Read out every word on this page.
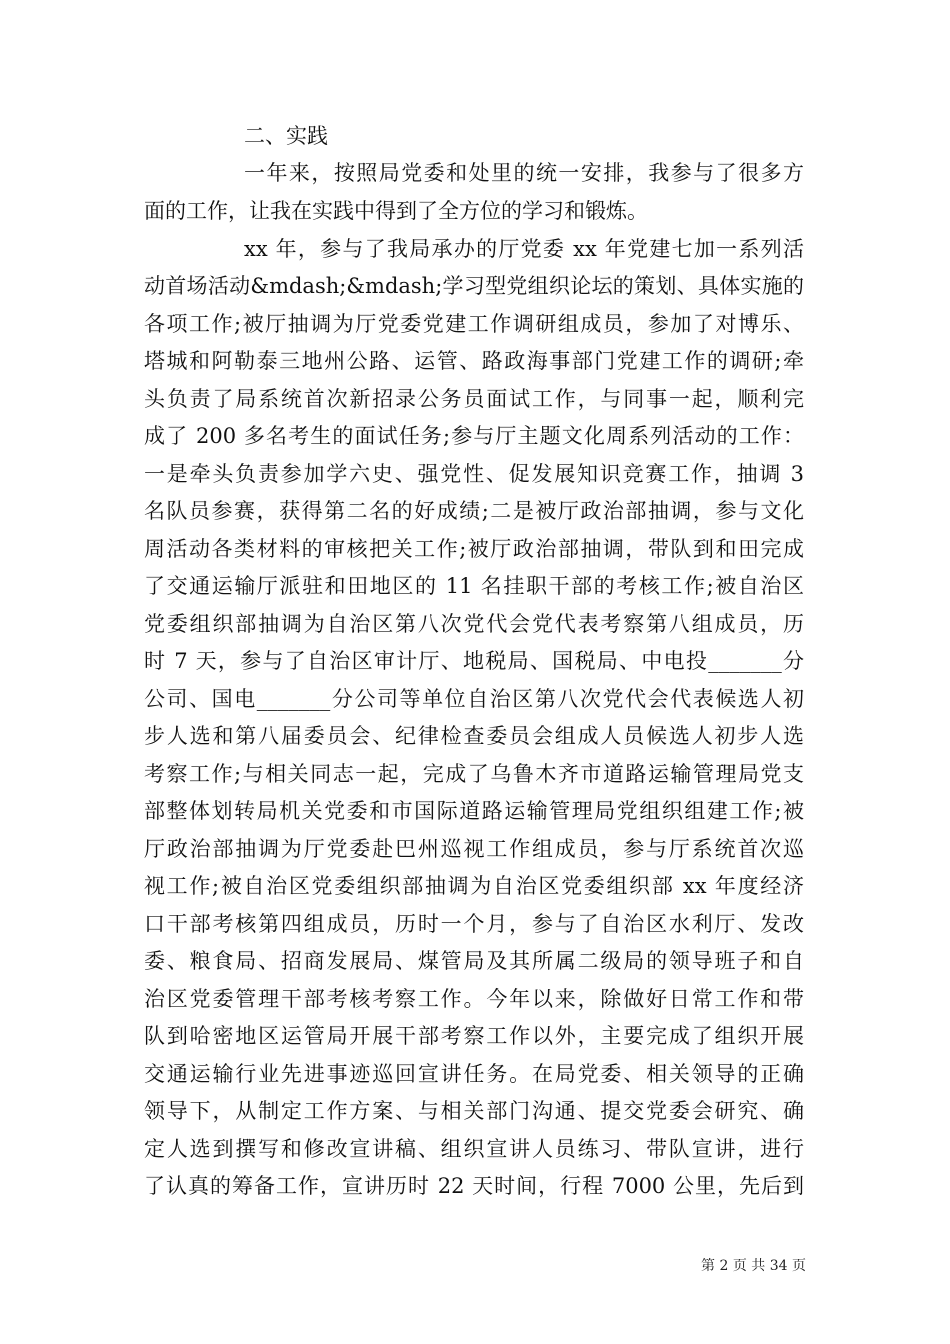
二、实践
一年来，按照局党委和处里的统一安排，我参与了很多方
面的工作，让我在实践中得到了全方位的学习和锻炼。
xx 年，参与了我局承办的厅党委 xx 年党建七加一系列活
动首场活动&mdash;&mdash;学习型党组织论坛的策划、具体实施的
各项工作;被厅抽调为厅党委党建工作调研组成员，参加了对博乐、
塔城和阿勒泰三地州公路、运管、路政海事部门党建工作的调研;牵
头负责了局系统首次新招录公务员面试工作，与同事一起，顺利完
成了 200 多名考生的面试任务;参与厅主题文化周系列活动的工作：
一是牵头负责参加学六史、强党性、促发展知识竞赛工作，抽调 3
名队员参赛，获得第二名的好成绩;二是被厅政治部抽调，参与文化
周活动各类材料的审核把关工作;被厅政治部抽调，带队到和田完成
了交通运输厅派驻和田地区的 11 名挂职干部的考核工作;被自治区
党委组织部抽调为自治区第八次党代会党代表考察第八组成员，历
时 7 天，参与了自治区审计厅、地税局、国税局、中电投_______分
公司、国电_______分公司等单位自治区第八次党代会代表候选人初
步人选和第八届委员会、纪律检查委员会组成人员候选人初步人选
考察工作;与相关同志一起，完成了乌鲁木齐市道路运输管理局党支
部整体划转局机关党委和市国际道路运输管理局党组织组建工作;被
厅政治部抽调为厅党委赴巴州巡视工作组成员，参与厅系统首次巡
视工作;被自治区党委组织部抽调为自治区党委组织部 xx 年度经济
口干部考核第四组成员，历时一个月，参与了自治区水利厅、发改
委、粮食局、招商发展局、煤管局及其所属二级局的领导班子和自
治区党委管理干部考核考察工作。今年以来，除做好日常工作和带
队到哈密地区运管局开展干部考察工作以外，主要完成了组织开展
交通运输行业先进事迹巡回宣讲任务。在局党委、相关领导的正确
领导下，从制定工作方案、与相关部门沟通、提交党委会研究、确
定人选到撰写和修改宣讲稿、组织宣讲人员练习、带队宣讲，进行
了认真的筹备工作，宣讲历时 22 天时间，行程 7000 公里，先后到
第 2 页 共 34 页
